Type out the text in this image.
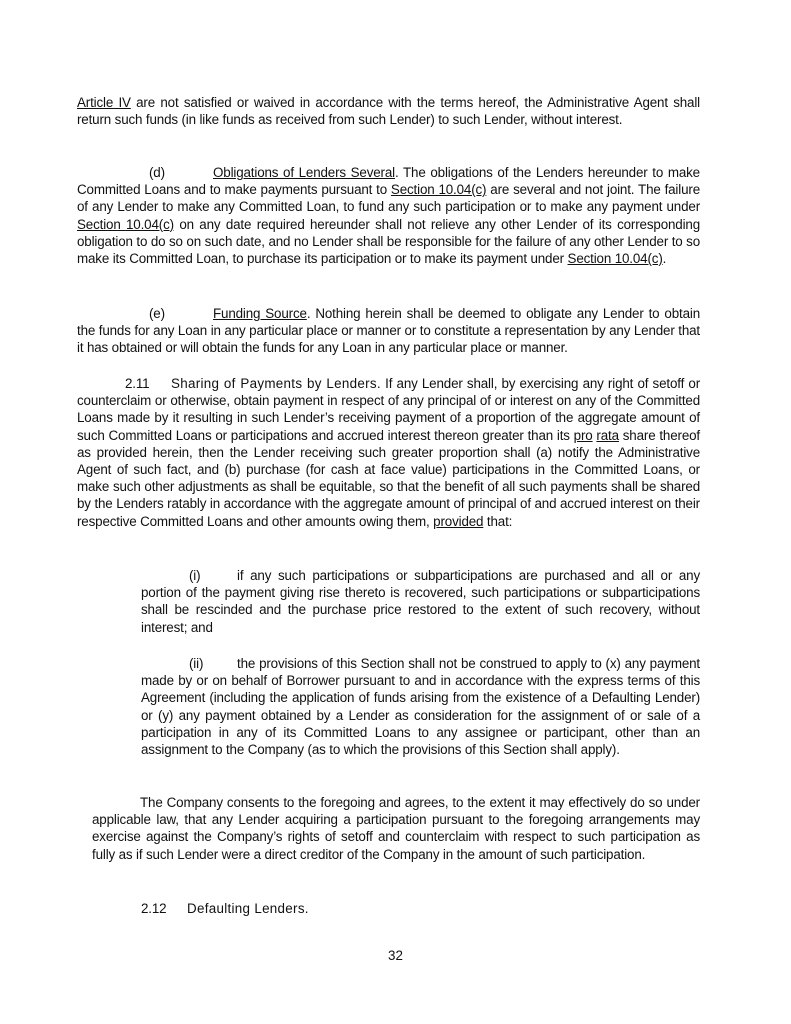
Article IV are not satisfied or waived in accordance with the terms hereof, the Administrative Agent shall return such funds (in like funds as received from such Lender) to such Lender, without interest.

(d)	Obligations of Lenders Several. The obligations of the Lenders hereunder to make Committed Loans and to make payments pursuant to Section 10.04(c) are several and not joint. The failure of any Lender to make any Committed Loan, to fund any such participation or to make any payment under Section 10.04(c) on any date required hereunder shall not relieve any other Lender of its corresponding obligation to do so on such date, and no Lender shall be responsible for the failure of any other Lender to so make its Committed Loan, to purchase its participation or to make its payment under Section 10.04(c).

(e)	Funding Source. Nothing herein shall be deemed to obligate any Lender to obtain the funds for any Loan in any particular place or manner or to constitute a representation by any Lender that it has obtained or will obtain the funds for any Loan in any particular place or manner.

2.11 Sharing of Payments by Lenders. If any Lender shall, by exercising any right of setoff or counterclaim or otherwise, obtain payment in respect of any principal of or interest on any of the Committed Loans made by it resulting in such Lender’s receiving payment of a proportion of the aggregate amount of such Committed Loans or participations and accrued interest thereon greater than its pro rata share thereof as provided herein, then the Lender receiving such greater proportion shall (a) notify the Administrative Agent of such fact, and (b) purchase (for cash at face value) participations in the Committed Loans, or make such other adjustments as shall be equitable, so that the benefit of all such payments shall be shared by the Lenders ratably in accordance with the aggregate amount of principal of and accrued interest on their respective Committed Loans and other amounts owing them, provided that:

(i)	if any such participations or subparticipations are purchased and all or any portion of the payment giving rise thereto is recovered, such participations or subparticipations shall be rescinded and the purchase price restored to the extent of such recovery, without interest; and

(ii)	the provisions of this Section shall not be construed to apply to (x) any payment made by or on behalf of Borrower pursuant to and in accordance with the express terms of this Agreement (including the application of funds arising from the existence of a Defaulting Lender) or (y) any payment obtained by a Lender as consideration for the assignment of or sale of a participation in any of its Committed Loans to any assignee or participant, other than an assignment to the Company (as to which the provisions of this Section shall apply).

The Company consents to the foregoing and agrees, to the extent it may effectively do so under applicable law, that any Lender acquiring a participation pursuant to the foregoing arrangements may exercise against the Company’s rights of setoff and counterclaim with respect to such participation as fully as if such Lender were a direct creditor of the Company in the amount of such participation.

2.12 Defaulting Lenders.

32
